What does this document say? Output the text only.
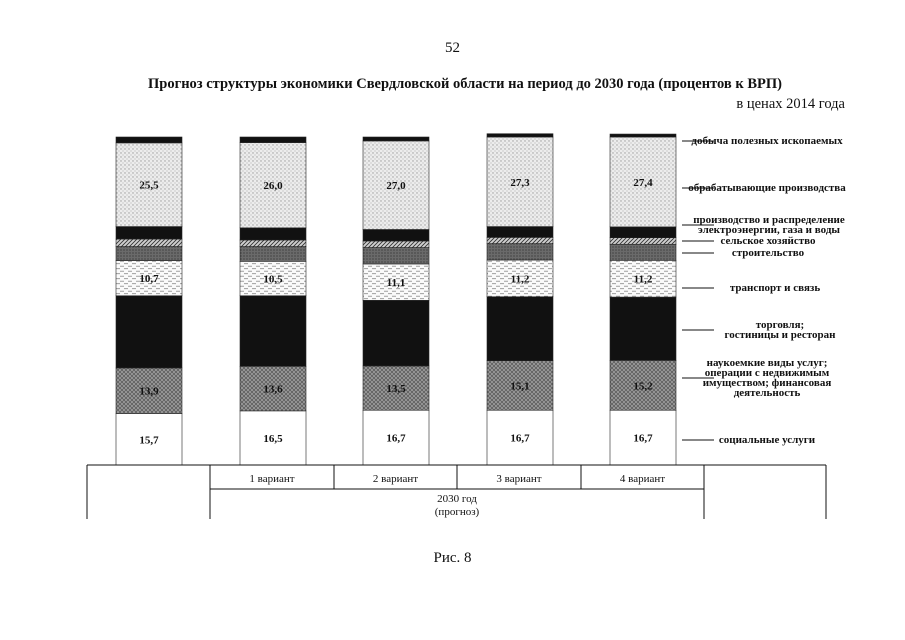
52
Прогноз структуры экономики Свердловской области на период до 2030 года (процентов к ВРП)
в ценах 2014 года
15,7
13,9
10,7
25,5
16,5
13,6
10,5
26,0
16,7
13,5
11,1
27,0
16,7
15,1
11,2
27,3
16,7
15,2
11,2
27,4
социальные услуги
наукоемкие виды услуг;
операции с недвижимым
имуществом; финансовая
деятельность
торговля;
гостиницы и ресторан
транспорт и связь
строительство
сельское хозяйство
производство и распределение
электроэнергии, газа и воды
обрабатывающие производства
добыча полезных ископаемых
1 вариант	2 вариант	3 вариант	4 вариант
2030 год
(прогноз)
Рис. 8
